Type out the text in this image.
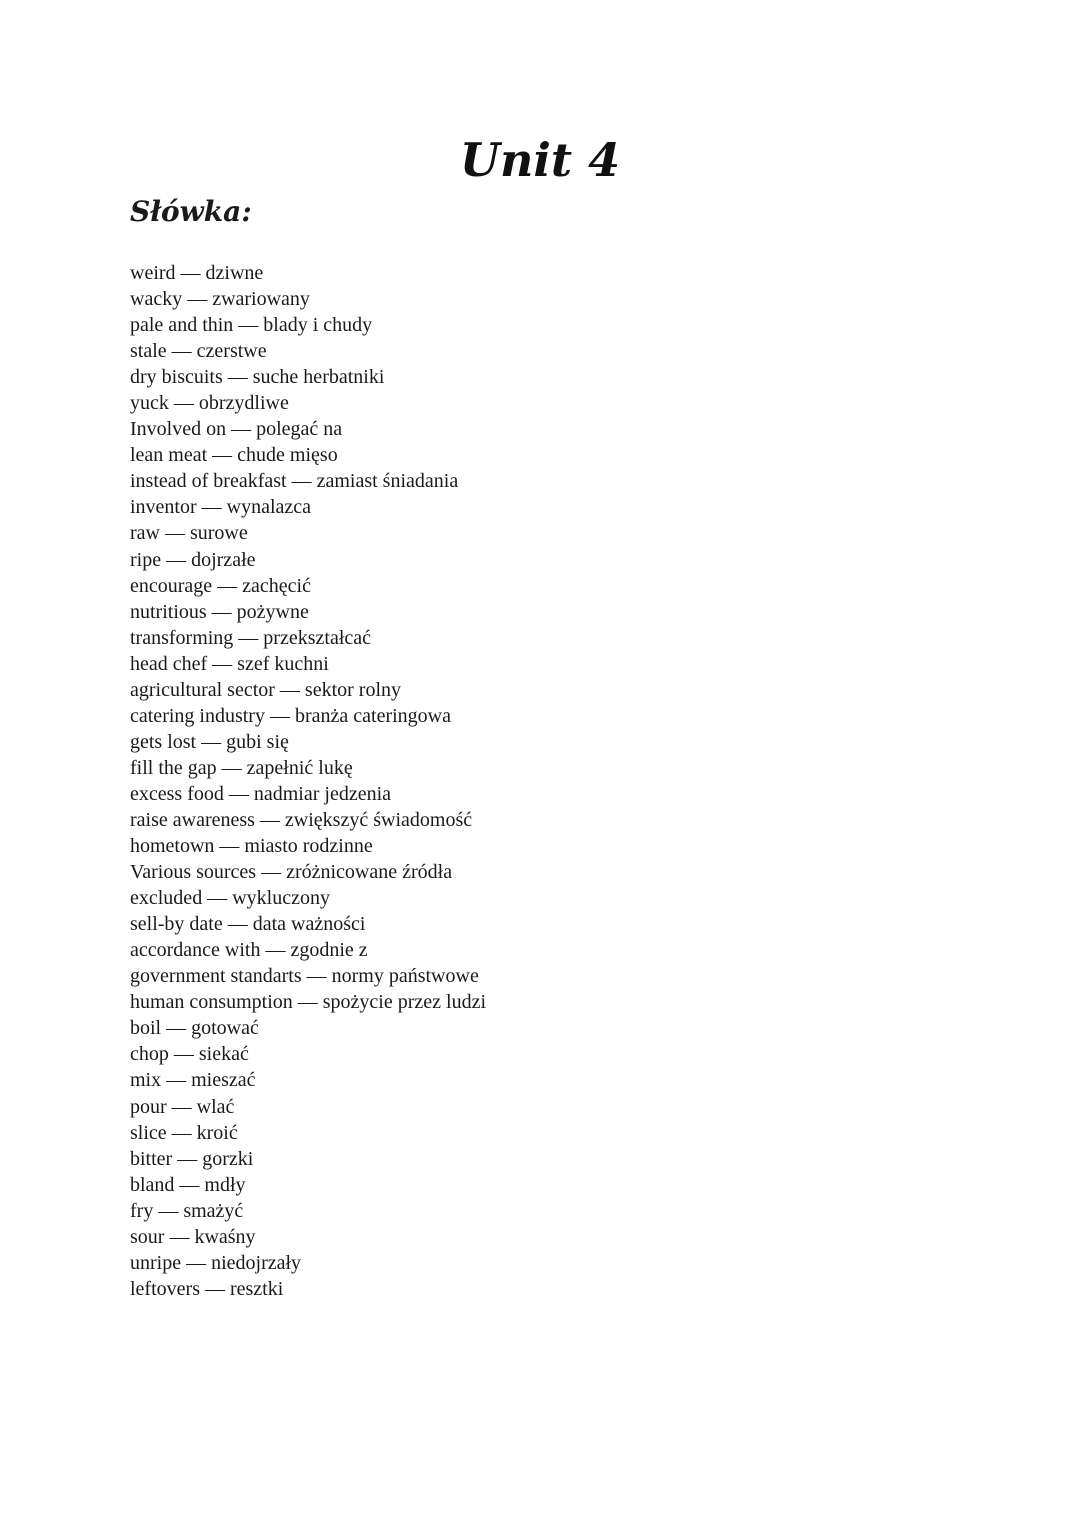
Unit 4
Słówka:
weird — dziwne
wacky — zwariowany
pale and thin — blady i chudy
stale — czerstwe
dry biscuits — suche herbatniki
yuck — obrzydliwe
Involved on — polegać na
lean meat — chude mięso
instead of breakfast — zamiast śniadania
inventor — wynalazca
raw — surowe
ripe — dojrzałe
encourage — zachęcić
nutritious — pożywne
transforming — przekształcać
head chef — szef kuchni
agricultural sector — sektor rolny
catering industry — branża cateringowa
gets lost — gubi się
fill the gap — zapełnić lukę
excess food — nadmiar jedzenia
raise awareness — zwiększyć świadomość
hometown — miasto rodzinne
Various sources — zróżnicowane źródła
excluded — wykluczony
sell-by date — data ważności
accordance with — zgodnie z
government standarts — normy państwowe
human consumption — spożycie przez ludzi
boil — gotować
chop — siekać
mix — mieszać
pour — wlać
slice — kroić
bitter — gorzki
bland — mdły
fry — smażyć
sour — kwaśny
unripe — niedojrzały
leftovers — resztki
